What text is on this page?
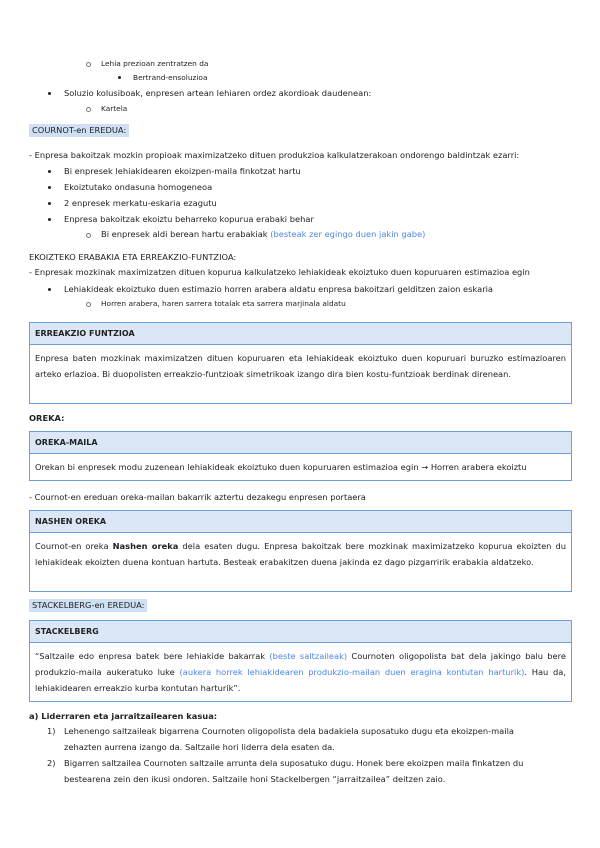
Lehia prezioan zentratzen da
Bertrand-ensoluzioa
Soluzio kolusiboak, enpresen artean lehiaren ordez akordioak daudenean:
Kartela
COURNOT-en EREDUA:
- Enpresa bakoitzak mozkin propioak maximizatzeko dituen produkzioa kalkulatzerakoan ondorengo baldintzak ezarri:
Bi enpresek lehiakidearen ekoizpen-maila finkotzat hartu
Ekoiztutako ondasuna homogeneoa
2 enpresek merkatu-eskaria ezagutu
Enpresa bakoitzak ekoiztu beharreko kopurua erabaki behar
Bi enpresek aldi berean hartu erabakiak (besteak zer egingo duen jakin gabe)
EKOIZTEKO ERABAKIA ETA ERREAKZIO-FUNTZIOA:
- Enpresak mozkinak maximizatzen dituen kopurua kalkulatzeko lehiakideak ekoiztuko duen kopuruaren estimazioa egin
Lehiakideak ekoiztuko duen estimazio horren arabera aldatu enpresa bakoitzari gelditzen zaion eskaria
Horren arabera, haren sarrera totalak eta sarrera marjinala aldatu
ERREAKZIO FUNTZIOA
Enpresa baten mozkinak maximizatzen dituen kopuruaren eta lehiakideak ekoiztuko duen kopuruari buruzko estimazioaren arteko erlazioa. Bi duopolisten erreakzio-funtzioak simetrikoak izango dira bien kostu-funtzioak berdinak direnean.
OREKA:
OREKA-MAILA
Orekan bi enpresek modu zuzenean lehiakideak ekoiztuko duen kopuruaren estimazioa egin → Horren arabera ekoiztu
- Cournot-en ereduan oreka-mailan bakarrik aztertu dezakegu enpresen portaera
NASHEN OREKA
Cournot-en oreka Nashen oreka dela esaten dugu. Enpresa bakoitzak bere mozkinak maximizatzeko kopurua ekoizten du lehiakideak ekoizten duena kontuan hartuta. Besteak erabakitzen duena jakinda ez dago pizgarririk erabakia aldatzeko.
STACKELBERG-en EREDUA:
STACKELBERG
“Saltzaile edo enpresa batek bere lehiakide bakarrak (beste saltzaileak) Cournoten oligopolista bat dela jakingo balu bere produkzio-maila aukeratuko luke (aukera horrek lehiakidearen produkzio-mailan duen eragina kontutan harturik). Hau da, lehiakidearen erreakzio kurba kontutan harturik”.
a) Liderraren eta jarraitzailearen kasua:
1) Lehenengo saltzaileak bigarrena Cournoten oligopolista dela badakiela suposatuko dugu eta ekoizpen-maila
zehazten aurrena izango da. Saltzaile hori liderra dela esaten da.
2) Bigarren saltzailea Cournoten saltzaile arrunta dela suposatuko dugu. Honek bere ekoizpen maila finkatzen du
bestearena zein den ikusi ondoren. Saltzaile honi Stackelbergen “jarraitzailea” deitzen zaio.
